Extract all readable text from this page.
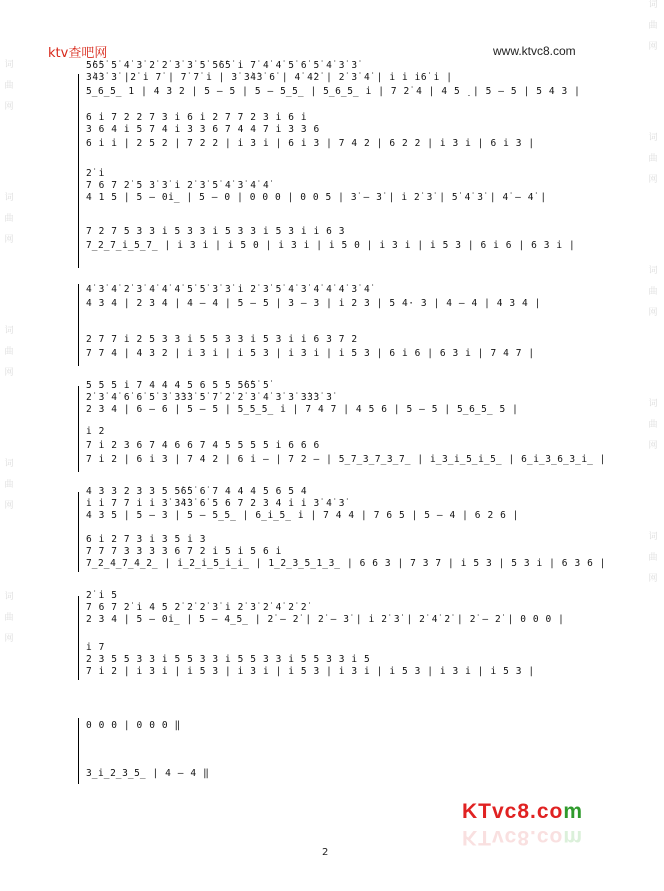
ktv查吧网	www.ktvc8.com
词
曲
网
词
曲
网
词
曲
网
词
曲
网
词
曲
网
词
曲
网
词
曲
网
词
曲
网
词
曲
网
词
曲
网
5̇6̇5̇ 5̇ 4̇ 3̇ 2̇ 2̇ 3̇ 3̇ 5̇ 5̇6̇5̇ i̇ 7̇ 4̇ 4̇ 5̇ 6̇ 5̇ 4̇ 3̇ 3̇
3̇4̇3̇ 3̇ |2̇ i̇ 7̇ | 7̇ 7̇ i̇ | 3̇ 3̇4̇3̇ 6̇ | 4̇ 4̇2̇ | 2̇ 3̇ 4̇ | i̇ i̇ i̇6̇ i̇ |
5̲6̲5̲ 1 | 4 3 2 | 5 — 5 | 5 — 5̲5̲ | 5̲6̲5̲ i | 7 2̇ 4 | 4 5 ̣ | 5 — 5 | 5 4 3 |
6 i 7 2 2 7 3 i 6 i 2 7 7 2 3 i 6 i
3 6 4 i 5 7 4 i 3 3 6 7 4 4 7 i 3 3 6
6 i i | 2 5 2 | 7 2 2 | i 3 i | 6 i 3 | 7 4 2 | 6 2 2 | i 3 i | 6 i 3 |
2̇ i̇
7 6 7 2̇ 5 3̇ 3̇ i̇ 2̇ 3̇ 5̇ 4̇ 3̇ 4̇ 4̇
4 1 5 | 5 — 0i̲ | 5 — 0 | 0 0 0 | 0 0 5 | 3̇ — 3̇ | i̇ 2̇ 3̇ | 5̇ 4̇ 3̇ | 4̇ — 4̇ |
7 2 7 5 3 3 i 5 3 3 i 5 3 3 i 5 3 i i 6 3
7̲2̲7̲i̲5̲7̲ | i 3 i | i 5 0 | i 3 i | i 5 0 | i 3 i | i 5 3 | 6 i 6 | 6 3 i |
4̇ 3̇ 4̇ 2̇ 3̇ 4̇ 4̇ 4̇ 5̇ 5̇ 3̇ 3̇ i̇ 2̇ 3̇ 5̇ 4̇ 3̇ 4̇ 4̇ 4̇ 3̇ 4̇
4 3 4 | 2 3 4 | 4 — 4 | 5 — 5 | 3 — 3 | i 2 3 | 5 4· 3 | 4 — 4 | 4 3 4 |
2 7 7 i 2 5 3 3 i 5 5 3 3 i 5 3 i i 6 3 7 2
7 7 4 | 4 3 2 | i 3 i | i 5 3 | i 3 i | i 5 3 | 6 i 6 | 6 3 i | 7 4 7 |
5 5 5 i 7 4 4 4 5 6 5 5 5̇6̇5̇ 5̇
2̇ 3̇ 4̇ 6̇ 6̇ 5̇ 3̇ 3̇3̇3̇ 5̇ 7̇ 2̇ 2̇ 3̇ 4̇ 3̇ 3̇ 3̇3̇3̇ 3̇
2 3 4 | 6 — 6 | 5 — 5 | 5̲5̲5̲ i | 7 4 7 | 4 5 6 | 5 — 5 | 5̲6̲5̲ 5 |
i 2
7 i 2 3 6 7 4 6 6 7 4 5 5 5 5 i 6 6 6
7 i 2 | 6 i 3 | 7 4 2 | 6 i — | 7 2 — | 5̲7̲3̲7̲3̲7̲ | i̲3̲i̲5̲i̲5̲ | 6̲i̲3̲6̲3̲i̲ |
4 3 3 2 3 3 5 5̇6̇5̇ 6̇ 7 4 4 4 5 6 5 4
i i 7 7 i i 3̇ 3̇4̇3̇ 6̇ 5 6 7 2 3 4 i i 3̇ 4̇ 3̇
4 3 5 | 5 — 3 | 5 — 5̲5̲ | 6̲i̲5̲ i | 7 4 4 | 7 6 5 | 5 — 4 | 6 2 6 |
6 i 2 7 3 i 3 5 i 3
7 7 7 3 3 3 3 6 7 2 i 5 i 5 6 i
7̲2̲4̲7̲4̲2̲ | i̲2̲i̲5̲i̲i̲ | 1̲2̲3̲5̲1̲3̲ | 6 6 3 | 7 3 7 | i 5 3 | 5 3 i | 6 3 6 |
2̇ i̇ 5
7 6 7 2̇ i̇ 4 5 2̇ 2̇ 2̇ 3̇ i̇ 2̇ 3̇ 2̇ 4̇ 2̇ 2̇
2 3 4 | 5 — 0i̲ | 5 — 4̲5̲ | 2̇ — 2̇ | 2̇ — 3̇ | i̇ 2̇ 3̇ | 2̇ 4̇ 2̇ | 2̇ — 2̇ | 0 0 0 |
i 7
2 3 5 5 3 3 i 5 5 3 3 i 5 5 3 3 i 5 5 3 3 i 5
7 i 2 | i 3 i | i 5 3 | i 3 i | i 5 3 | i 3 i | i 5 3 | i 3 i | i 5 3 |
0 0 0 | 0 0 0 ‖
3̲i̲2̲3̲5̲ | 4 — 4 ‖
KTvc8.com
KTvc8.com
2
